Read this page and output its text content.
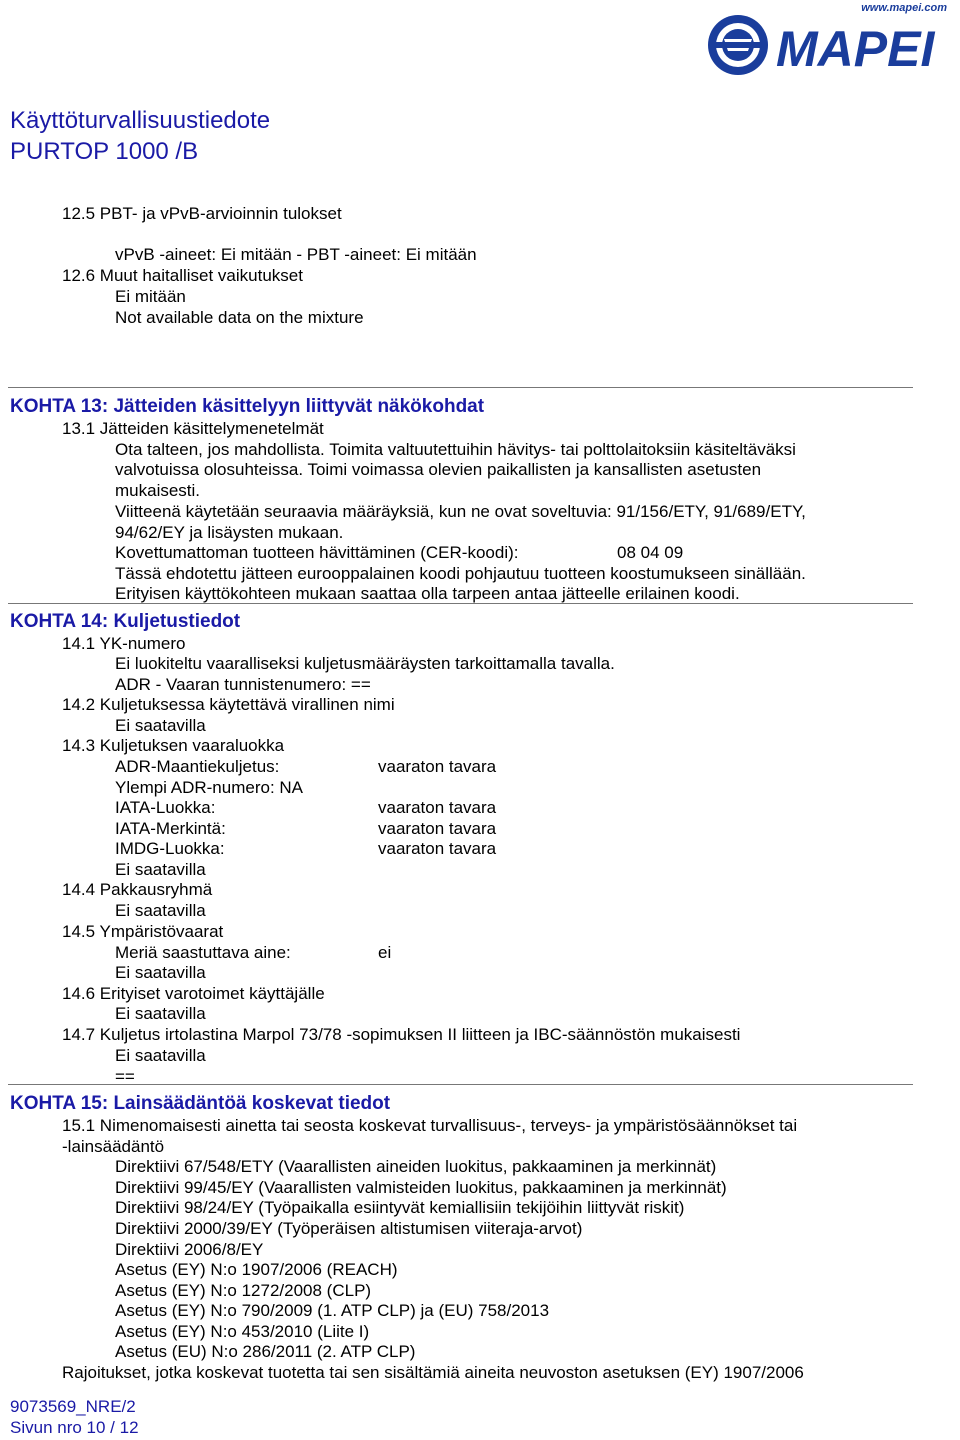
www.mapei.com
MAPEI
Käyttöturvallisuustiedote
PURTOP 1000 /B
12.5 PBT- ja vPvB-arvioinnin tulokset
vPvB -aineet: Ei mitään - PBT -aineet: Ei mitään
12.6 Muut haitalliset vaikutukset
Ei mitään
Not available data on the mixture
KOHTA 13: Jätteiden käsittelyyn liittyvät näkökohdat
13.1 Jätteiden käsittelymenetelmät
Ota talteen, jos mahdollista. Toimita valtuutettuihin hävitys- tai polttolaitoksiin käsiteltäväksi
valvotuissa olosuhteissa. Toimi voimassa olevien paikallisten ja kansallisten asetusten
mukaisesti.
Viitteenä käytetään seuraavia määräyksiä, kun ne ovat soveltuvia: 91/156/ETY, 91/689/ETY,
94/62/EY ja lisäysten mukaan.
Kovettumattoman tuotteen hävittäminen (CER-koodi):	08 04 09
Tässä ehdotettu jätteen eurooppalainen koodi pohjautuu tuotteen koostumukseen sinällään.
Erityisen käyttökohteen mukaan saattaa olla tarpeen antaa jätteelle erilainen koodi.
KOHTA 14: Kuljetustiedot
14.1 YK-numero
Ei luokiteltu vaaralliseksi kuljetusmääräysten tarkoittamalla tavalla.
ADR - Vaaran tunnistenumero: ==
14.2 Kuljetuksessa käytettävä virallinen nimi
Ei saatavilla
14.3 Kuljetuksen vaaraluokka
ADR-Maantiekuljetus:	vaaraton tavara
Ylempi ADR-numero: NA
IATA-Luokka:	vaaraton tavara
IATA-Merkintä:	vaaraton tavara
IMDG-Luokka:	vaaraton tavara
Ei saatavilla
14.4 Pakkausryhmä
Ei saatavilla
14.5 Ympäristövaarat
Meriä saastuttava aine:	ei
Ei saatavilla
14.6 Erityiset varotoimet käyttäjälle
Ei saatavilla
14.7 Kuljetus irtolastina Marpol 73/78 -sopimuksen II liitteen ja IBC-säännöstön mukaisesti
Ei saatavilla
==
KOHTA 15: Lainsäädäntöä koskevat tiedot
15.1 Nimenomaisesti ainetta tai seosta koskevat turvallisuus-, terveys- ja ympäristösäännökset tai
-lainsäädäntö
Direktiivi 67/548/ETY (Vaarallisten aineiden luokitus, pakkaaminen ja merkinnät)
Direktiivi 99/45/EY (Vaarallisten valmisteiden luokitus, pakkaaminen ja merkinnät)
Direktiivi 98/24/EY (Työpaikalla esiintyvät kemiallisiin tekijöihin liittyvät riskit)
Direktiivi 2000/39/EY (Työperäisen altistumisen viiteraja-arvot)
Direktiivi 2006/8/EY
Asetus (EY) N:o 1907/2006 (REACH)
Asetus (EY) N:o 1272/2008 (CLP)
Asetus (EY) N:o 790/2009 (1. ATP CLP) ja (EU) 758/2013
Asetus (EY) N:o 453/2010 (Liite I)
Asetus (EU) N:o 286/2011 (2. ATP CLP)
Rajoitukset, jotka koskevat tuotetta tai sen sisältämiä aineita neuvoston asetuksen (EY) 1907/2006
9073569_NRE/2
Sivun nro 10 / 12
